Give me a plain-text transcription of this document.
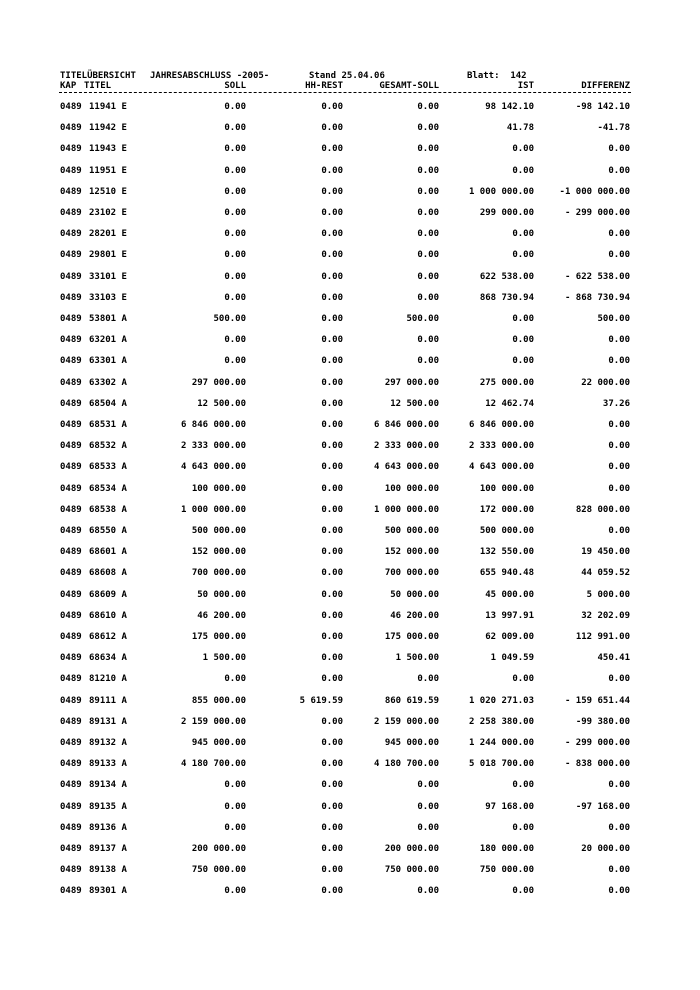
TITELÜBERSICHT JAHRESABSCHLUSS -2005-	Stand 25.04.06	Blatt:  142
KAP TITEL	SOLL	HH-REST	GESAMT-SOLL	IST	DIFFERENZ
0489 11941 E	0.00	0.00	0.00	98 142.10	-98 142.10
0489 11942 E	0.00	0.00	0.00	41.78	-41.78
0489 11943 E	0.00	0.00	0.00	0.00	0.00
0489 11951 E	0.00	0.00	0.00	0.00	0.00
0489 12510 E	0.00	0.00	0.00	1 000 000.00	-1 000 000.00
0489 23102 E	0.00	0.00	0.00	299 000.00	- 299 000.00
0489 28201 E	0.00	0.00	0.00	0.00	0.00
0489 29801 E	0.00	0.00	0.00	0.00	0.00
0489 33101 E	0.00	0.00	0.00	622 538.00	- 622 538.00
0489 33103 E	0.00	0.00	0.00	868 730.94	- 868 730.94
0489 53801 A	500.00	0.00	500.00	0.00	500.00
0489 63201 A	0.00	0.00	0.00	0.00	0.00
0489 63301 A	0.00	0.00	0.00	0.00	0.00
0489 63302 A	297 000.00	0.00	297 000.00	275 000.00	22 000.00
0489 68504 A	12 500.00	0.00	12 500.00	12 462.74	37.26
0489 68531 A	6 846 000.00	0.00	6 846 000.00	6 846 000.00	0.00
0489 68532 A	2 333 000.00	0.00	2 333 000.00	2 333 000.00	0.00
0489 68533 A	4 643 000.00	0.00	4 643 000.00	4 643 000.00	0.00
0489 68534 A	100 000.00	0.00	100 000.00	100 000.00	0.00
0489 68538 A	1 000 000.00	0.00	1 000 000.00	172 000.00	828 000.00
0489 68550 A	500 000.00	0.00	500 000.00	500 000.00	0.00
0489 68601 A	152 000.00	0.00	152 000.00	132 550.00	19 450.00
0489 68608 A	700 000.00	0.00	700 000.00	655 940.48	44 059.52
0489 68609 A	50 000.00	0.00	50 000.00	45 000.00	5 000.00
0489 68610 A	46 200.00	0.00	46 200.00	13 997.91	32 202.09
0489 68612 A	175 000.00	0.00	175 000.00	62 009.00	112 991.00
0489 68634 A	1 500.00	0.00	1 500.00	1 049.59	450.41
0489 81210 A	0.00	0.00	0.00	0.00	0.00
0489 89111 A	855 000.00	5 619.59	860 619.59	1 020 271.03	- 159 651.44
0489 89131 A	2 159 000.00	0.00	2 159 000.00	2 258 380.00	-99 380.00
0489 89132 A	945 000.00	0.00	945 000.00	1 244 000.00	- 299 000.00
0489 89133 A	4 180 700.00	0.00	4 180 700.00	5 018 700.00	- 838 000.00
0489 89134 A	0.00	0.00	0.00	0.00	0.00
0489 89135 A	0.00	0.00	0.00	97 168.00	-97 168.00
0489 89136 A	0.00	0.00	0.00	0.00	0.00
0489 89137 A	200 000.00	0.00	200 000.00	180 000.00	20 000.00
0489 89138 A	750 000.00	0.00	750 000.00	750 000.00	0.00
0489 89301 A	0.00	0.00	0.00	0.00	0.00
